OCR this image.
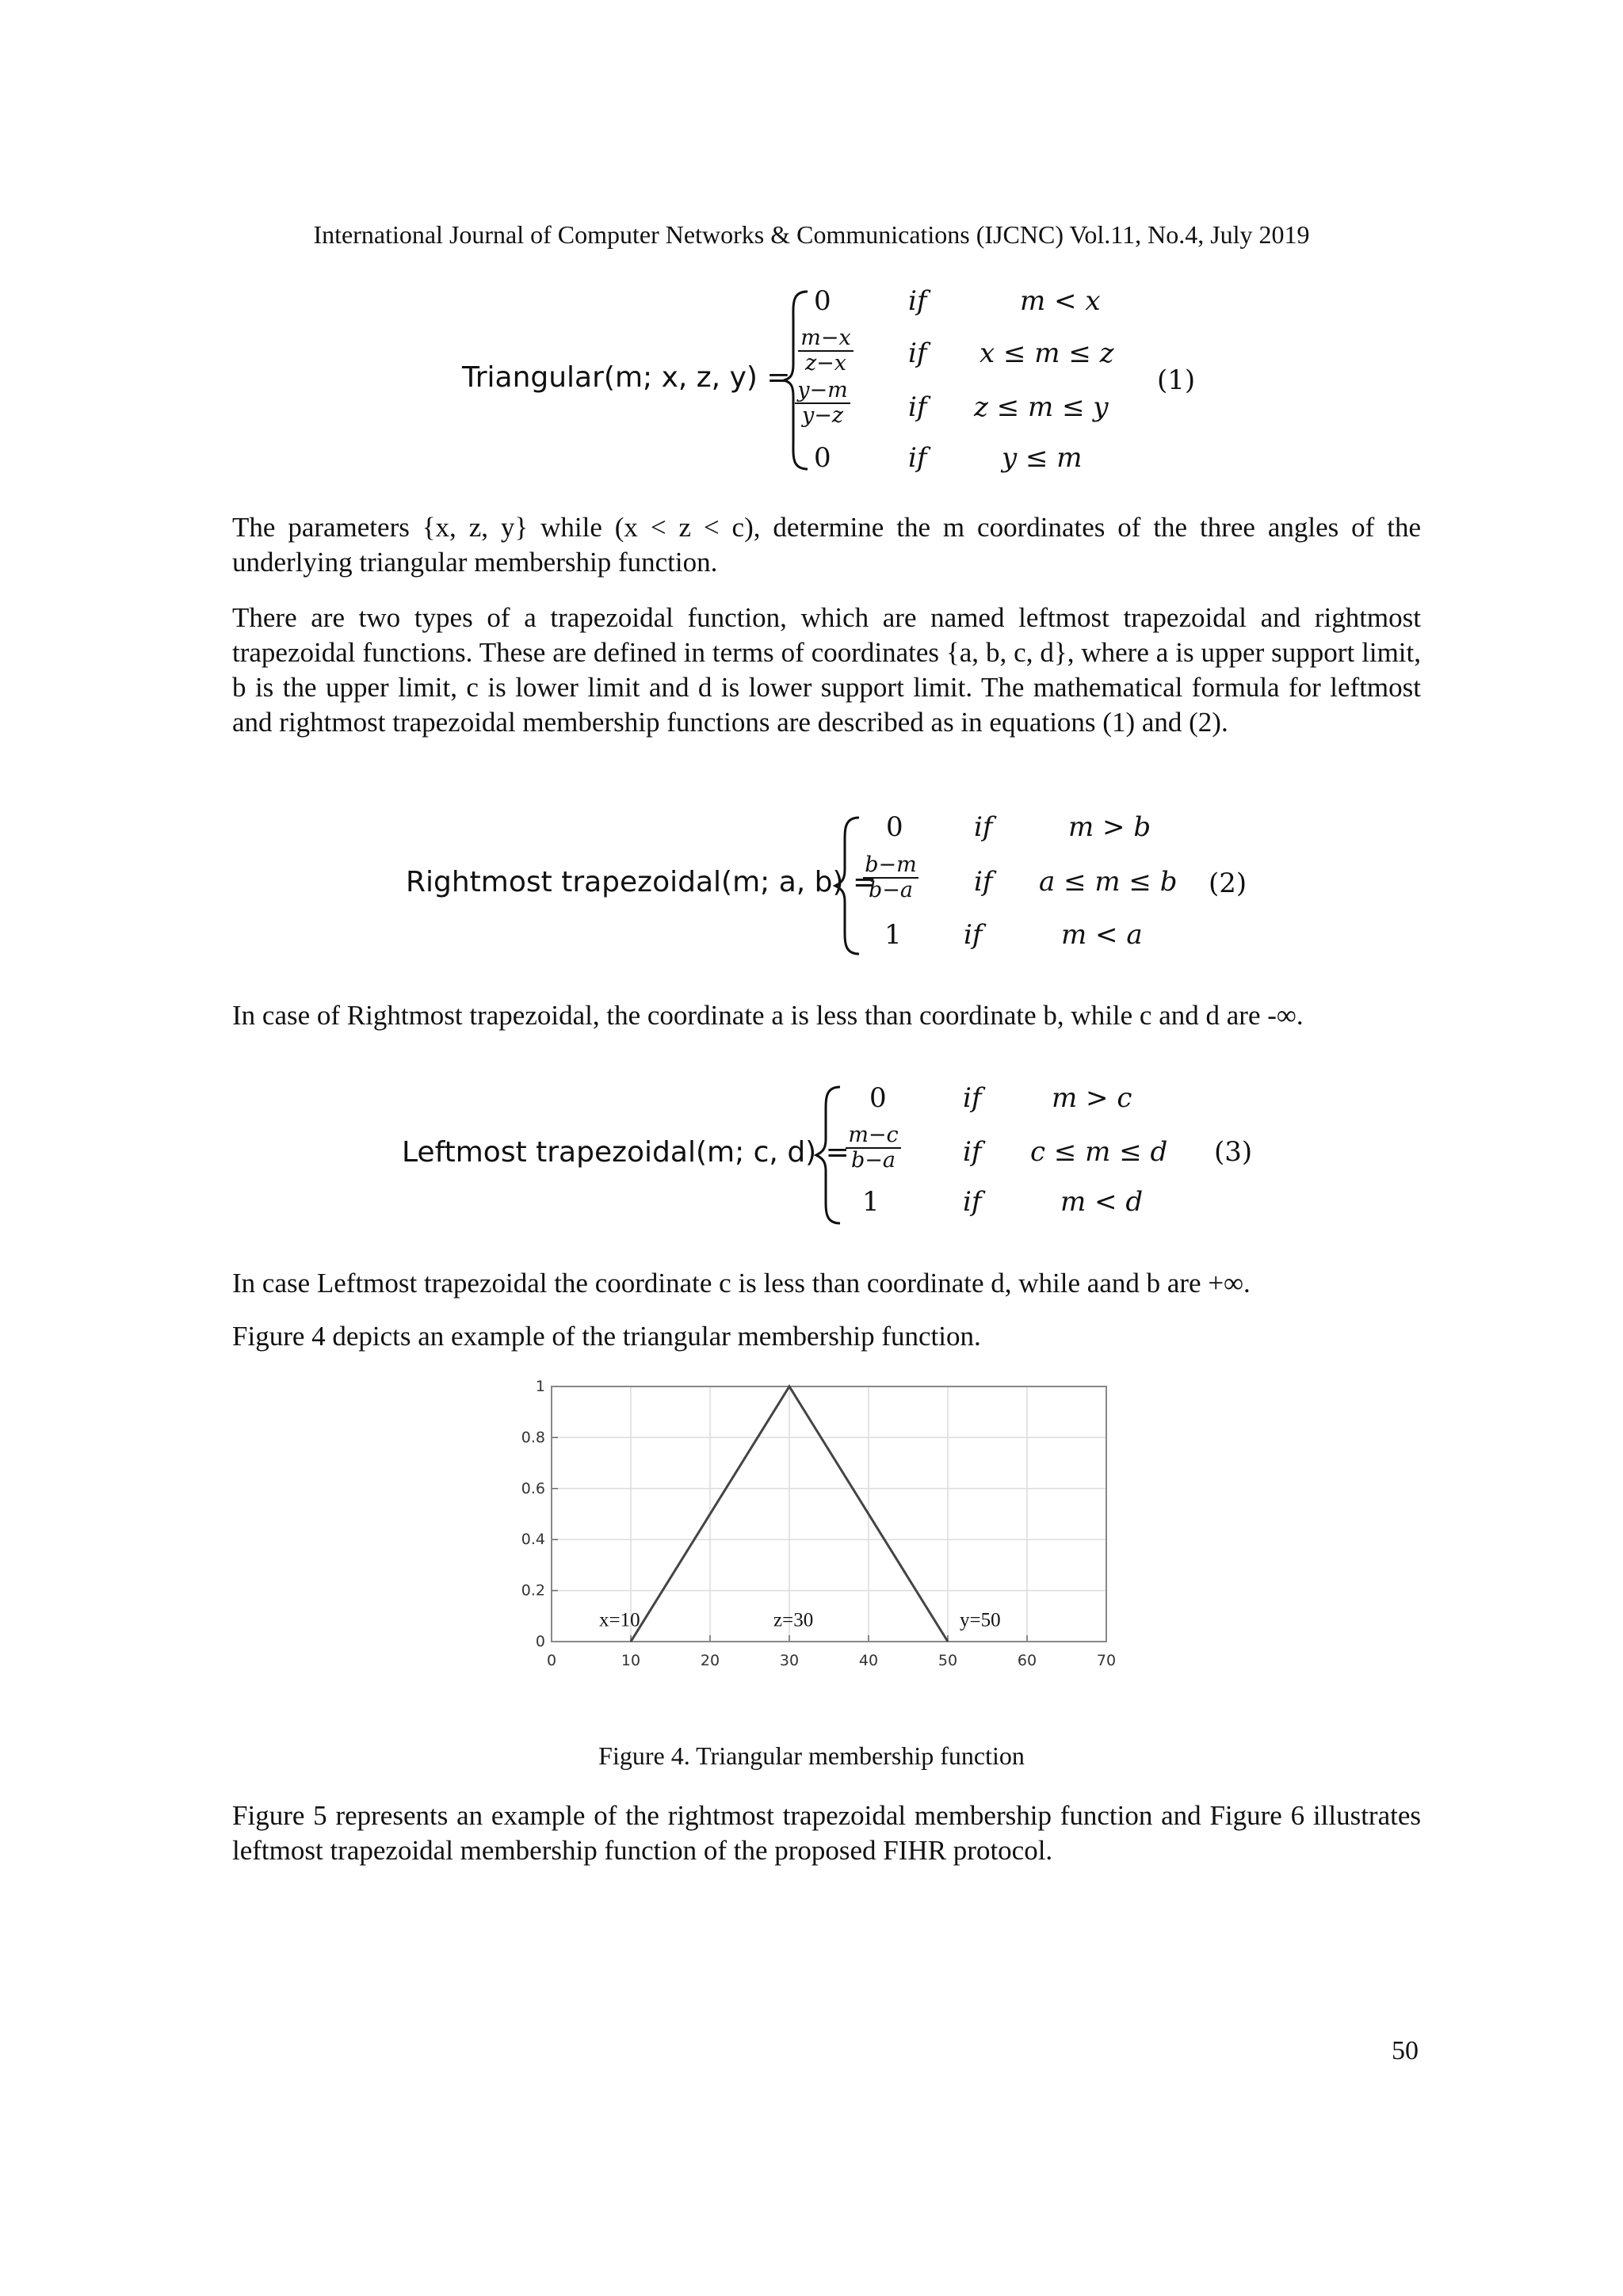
International Journal of Computer Networks & Communications (IJCNC) Vol.11, No.4, July 2019
Triangular(m; x, z, y) =
0	if	m < x
$\frac{m-x}{z-x}$ if x ≤ m ≤ z
$\frac{y-m}{y-z}$ if z ≤ m ≤ y
0	if	y ≤ m
(1)
The parameters {x, z, y} while (x < z < c), determine the m coordinates of the three angles of the underlying triangular membership function.
There are two types of a trapezoidal function, which are named leftmost trapezoidal and rightmost trapezoidal functions. These are defined in terms of coordinates {a, b, c, d}, where a is upper support limit, b is the upper limit, c is lower limit and d is lower support limit. The mathematical formula for leftmost and rightmost trapezoidal membership functions are described as in equations (1) and (2).
Rightmost trapezoidal(m; a, b) =
0	if	m > b
$\frac{b-m}{b-a}$ if a ≤ m ≤ b
1 if	m < a
(2)
In case of Rightmost trapezoidal, the coordinate a is less than coordinate b, while c and d are -∞.
Leftmost trapezoidal(m; c, d) =
0	if	m > c
$\frac{m-c}{b-a}$ if c ≤ m ≤ d
1	if	m < d
(3)
In case Leftmost trapezoidal the coordinate c is less than coordinate d, while aand b are +∞.
Figure 4 depicts an example of the triangular membership function.
0	10	20	30	40	50	60	70
0
0.2
0.4
0.6
0.8
1
x=10	z=30	y=50
Figure 4. Triangular membership function
Figure 5 represents an example of the rightmost trapezoidal membership function and Figure 6 illustrates leftmost trapezoidal membership function of the proposed FIHR protocol.
50
